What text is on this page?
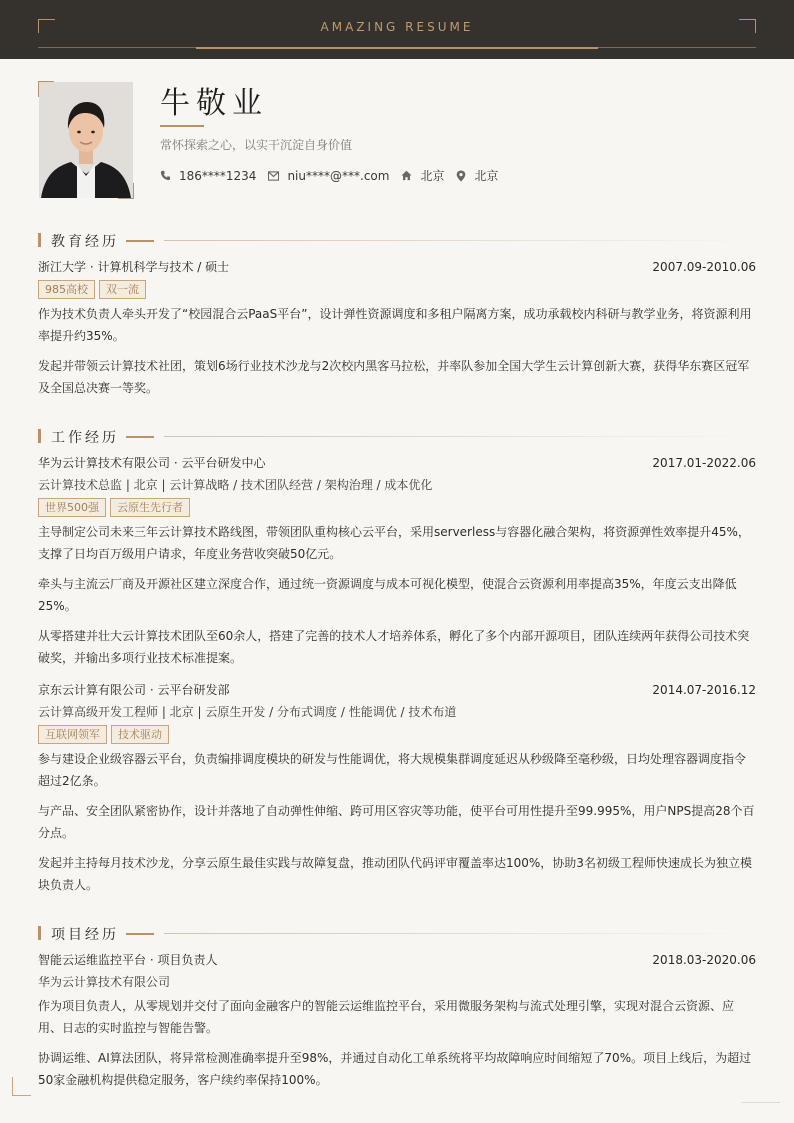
AMAZING RESUME
牛敬业
常怀探索之心，以实干沉淀自身价值
186****1234	niu****@***.com	北京	北京
教育经历
浙江大学 · 计算机科学与技术 / 硕士	2007.09-2010.06
985高校	双一流
作为技术负责人牵头开发了“校园混合云PaaS平台”，设计弹性资源调度和多租户隔离方案，成功承载校内科研与教学业务，将资源利用率提升约35%。
发起并带领云计算技术社团，策划6场行业技术沙龙与2次校内黑客马拉松，并率队参加全国大学生云计算创新大赛，获得华东赛区冠军及全国总决赛一等奖。
工作经历
华为云计算技术有限公司 · 云平台研发中心	2017.01-2022.06
云计算技术总监 | 北京 | 云计算战略 / 技术团队经营 / 架构治理 / 成本优化
世界500强	云原生先行者
主导制定公司未来三年云计算技术路线图，带领团队重构核心云平台，采用serverless与容器化融合架构，将资源弹性效率提升45%，支撑了日均百万级用户请求，年度业务营收突破50亿元。
牵头与主流云厂商及开源社区建立深度合作，通过统一资源调度与成本可视化模型，使混合云资源利用率提高35%，年度云支出降低25%。
从零搭建并壮大云计算技术团队至60余人，搭建了完善的技术人才培养体系，孵化了多个内部开源项目，团队连续两年获得公司技术突破奖，并输出多项行业技术标准提案。
京东云计算有限公司 · 云平台研发部	2014.07-2016.12
云计算高级开发工程师 | 北京 | 云原生开发 / 分布式调度 / 性能调优 / 技术布道
互联网领军	技术驱动
参与建设企业级容器云平台，负责编排调度模块的研发与性能调优，将大规模集群调度延迟从秒级降至毫秒级，日均处理容器调度指令超过2亿条。
与产品、安全团队紧密协作，设计并落地了自动弹性伸缩、跨可用区容灾等功能，使平台可用性提升至99.995%，用户NPS提高28个百分点。
发起并主持每月技术沙龙，分享云原生最佳实践与故障复盘，推动团队代码评审覆盖率达100%，协助3名初级工程师快速成长为独立模块负责人。
项目经历
智能云运维监控平台 · 项目负责人	2018.03-2020.06
华为云计算技术有限公司
作为项目负责人，从零规划并交付了面向金融客户的智能云运维监控平台，采用微服务架构与流式处理引擎，实现对混合云资源、应用、日志的实时监控与智能告警。
协调运维、AI算法团队，将异常检测准确率提升至98%，并通过自动化工单系统将平均故障响应时间缩短了70%。项目上线后，为超过50家金融机构提供稳定服务，客户续约率保持100%。
